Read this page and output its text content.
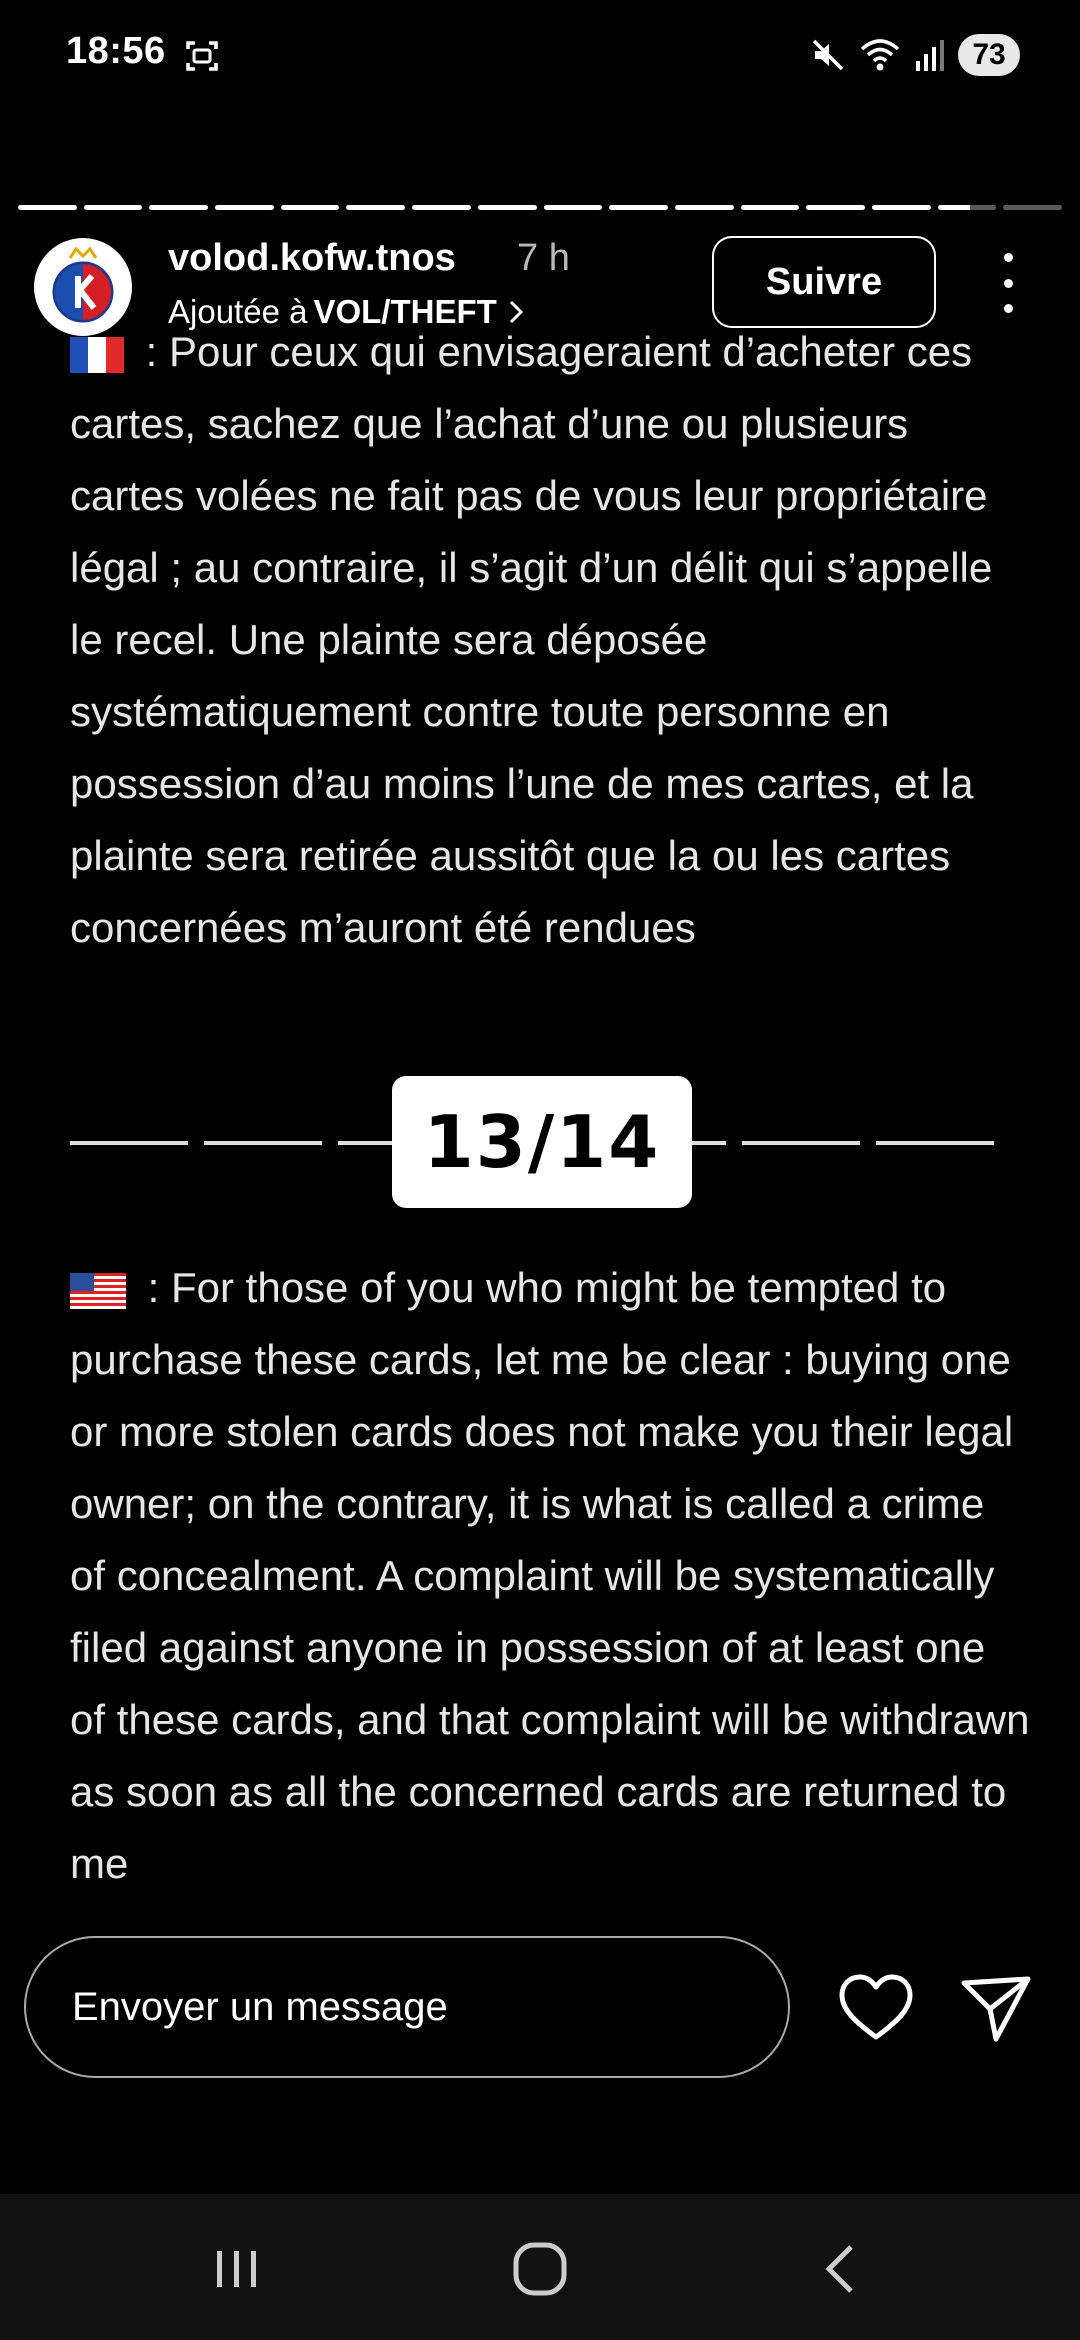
18:56	73
volod.kofw.tnos 7 h
Ajoutée à VOL/THEFT
Suivre
: Pour ceux qui envisageraient d’acheter ces cartes, sachez que l’achat d’une ou plusieurs cartes volées ne fait pas de vous leur propriétaire légal ; au contraire, il s’agit d’un délit qui s’appelle le recel. Une plainte sera déposée systématiquement contre toute personne en possession d’au moins l’une de mes cartes, et la plainte sera retirée aussitôt que la ou les cartes concernées m’auront été rendues
13/14
: For those of you who might be tempted to purchase these cards, let me be clear : buying one or more stolen cards does not make you their legal owner; on the contrary, it is what is called a crime of concealment. A complaint will be systematically filed against anyone in possession of at least one of these cards, and that complaint will be withdrawn as soon as all the concerned cards are returned to me
Envoyer un message
